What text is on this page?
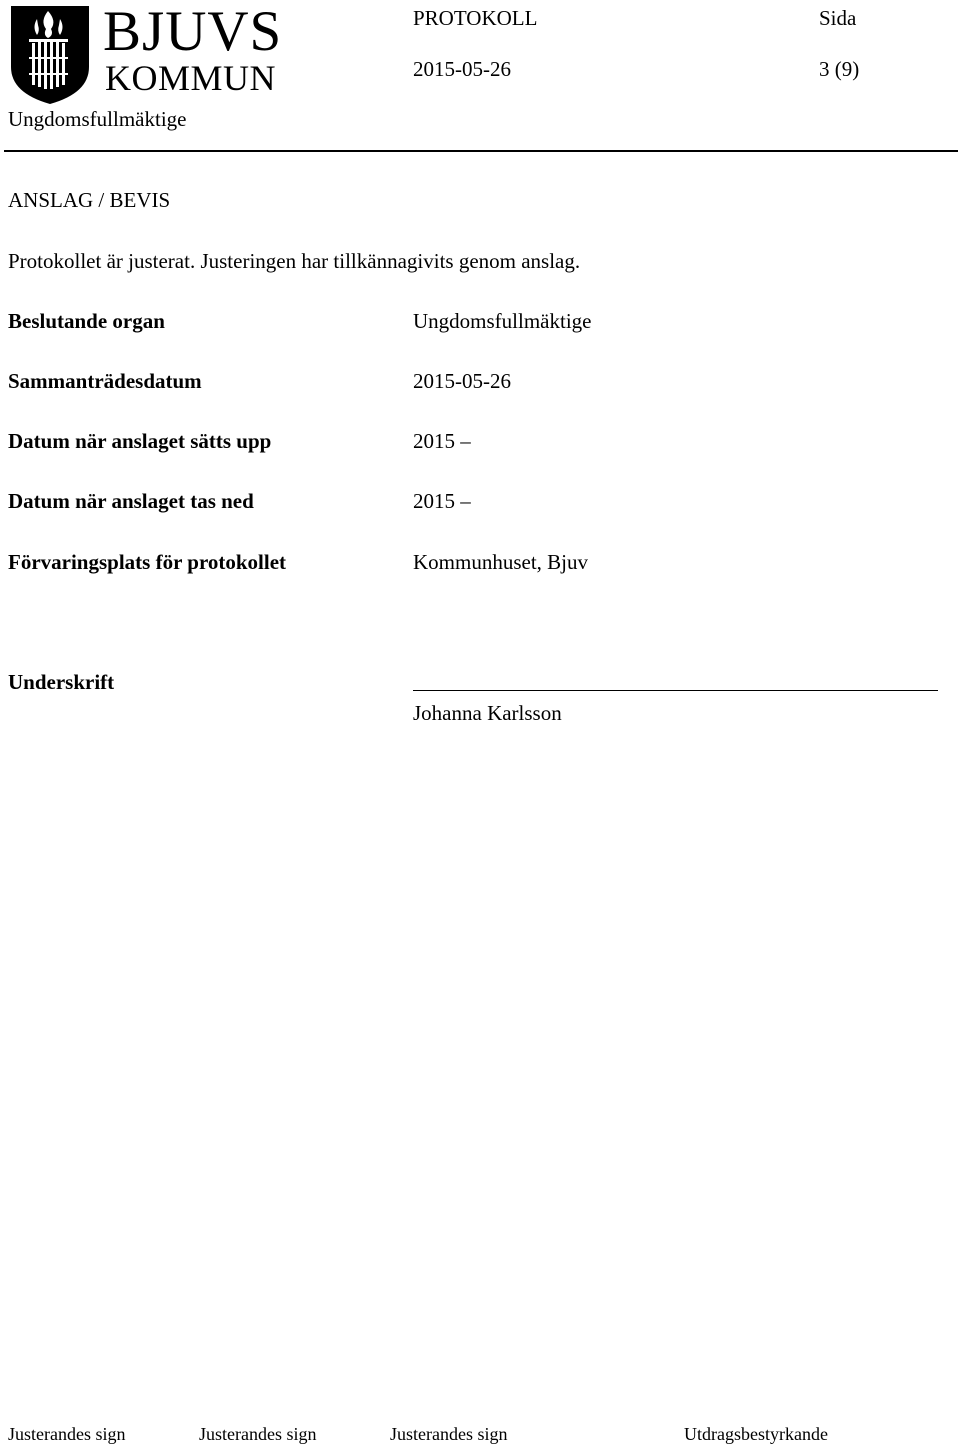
BJUVS
KOMMUN
PROTOKOLL	Sida
2015-05-26	3 (9)
Ungdomsfullmäktige
ANSLAG / BEVIS
Protokollet är justerat. Justeringen har tillkännagivits genom anslag.
Beslutande organ	Ungdomsfullmäktige
Sammanträdesdatum	2015-05-26
Datum när anslaget sätts upp	2015 –
Datum när anslaget tas ned	2015 –
Förvaringsplats för protokollet	Kommunhuset, Bjuv
Underskrift
Johanna Karlsson
Justerandes sign	Justerandes sign	Justerandes sign	Utdragsbestyrkande
